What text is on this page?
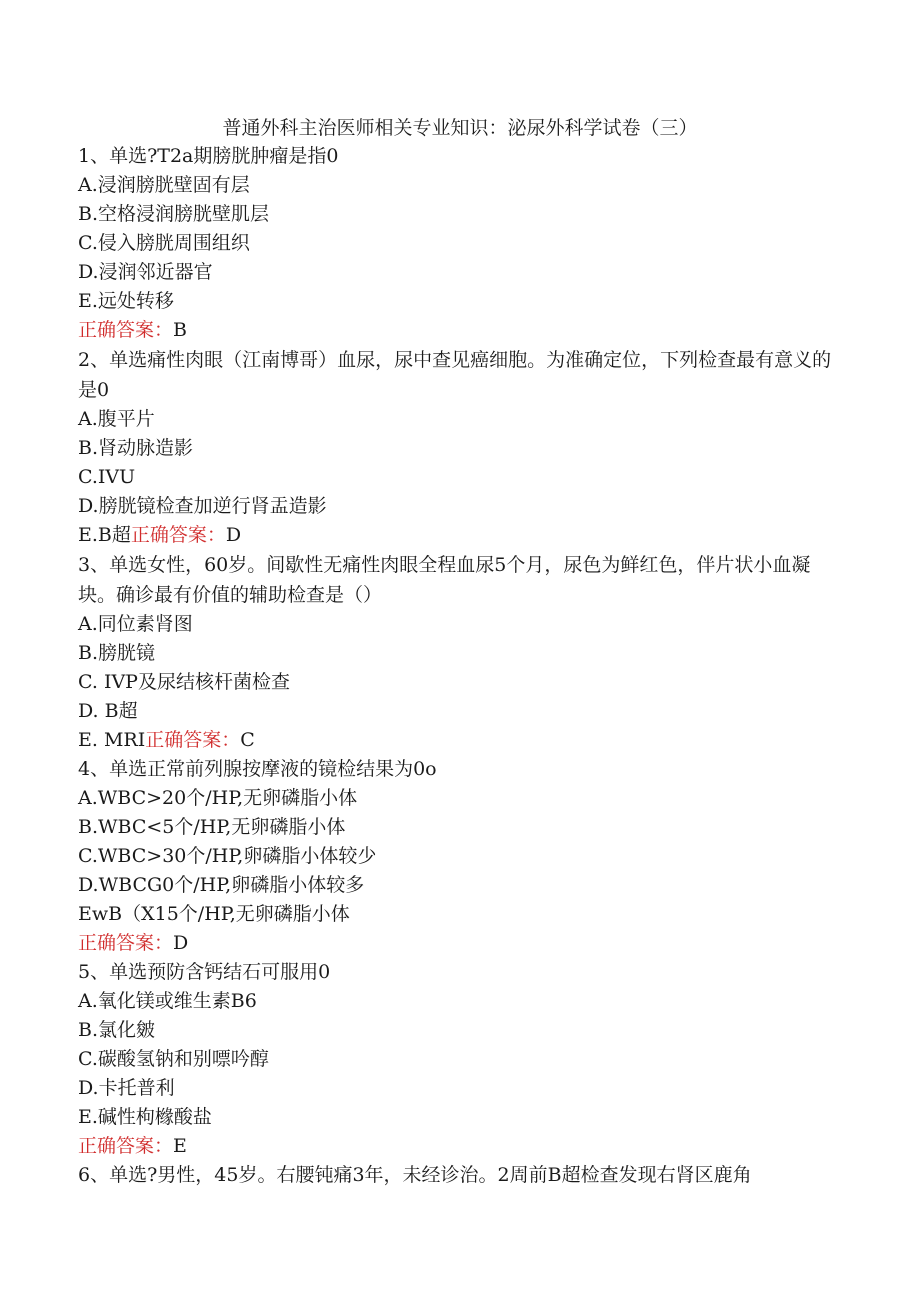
普通外科主治医师相关专业知识：泌尿外科学试卷（三）
1、单选?T2a期膀胱肿瘤是指0
A.浸润膀胱壁固有层
B.空格浸润膀胱壁肌层
C.侵入膀胱周围组织
D.浸润邻近器官
E.远处转移
正确答案：B
2、单选痛性肉眼（江南博哥）血尿，尿中查见癌细胞。为准确定位，下列检查最有意义的是0
A.腹平片
B.肾动脉造影
C.IVU
D.膀胱镜检查加逆行肾盂造影
E.B超正确答案：D
3、单选女性，60岁。间歇性无痛性肉眼全程血尿5个月，尿色为鲜红色，伴片状小血凝块。确诊最有价值的辅助检查是（）
A.同位素肾图
B.膀胱镜
C. IVP及尿结核杆菌检查
D. B超
E. MRI正确答案：C
4、单选正常前列腺按摩液的镜检结果为0o
A.WBC>20个/HP,无卵磷脂小体
B.WBC<5个/HP,无卵磷脂小体
C.WBC>30个/HP,卵磷脂小体较少
D.WBCG0个/HP,卵磷脂小体较多
EwB（X15个/HP,无卵磷脂小体
正确答案：D
5、单选预防含钙结石可服用0
A.氧化镁或维生素B6
B.氯化皴
C.碳酸氢钠和别嘌吟醇
D.卡托普利
E.碱性枸橼酸盐
正确答案：E
6、单选?男性，45岁。右腰钝痛3年，未经诊治。2周前B超检查发现右肾区鹿角
